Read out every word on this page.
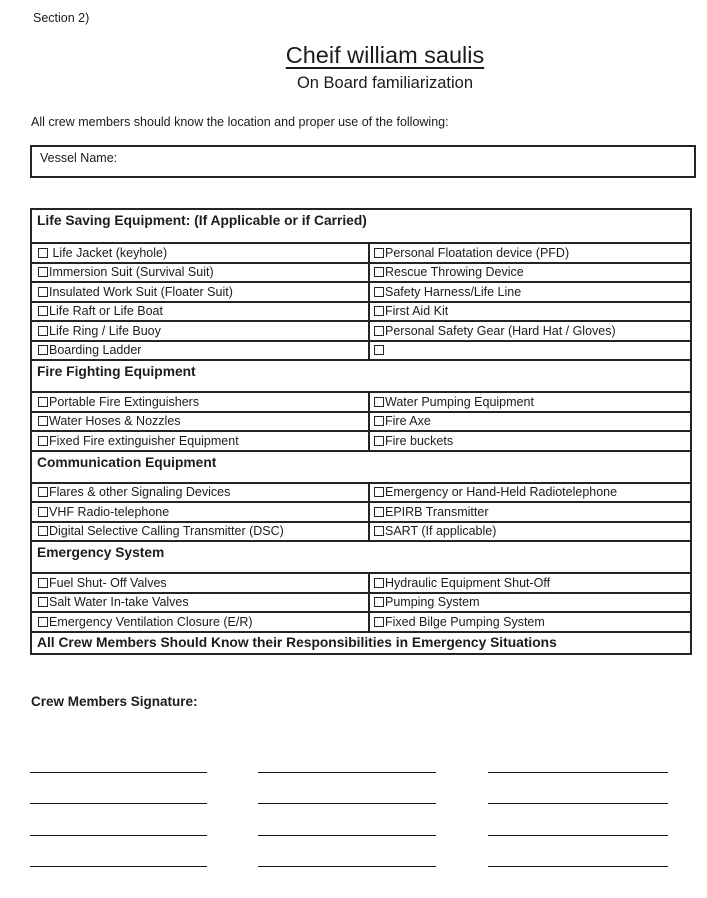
Section 2)
Cheif william saulis
On Board familiarization
All crew members should know the location and proper use of the following:
Vessel Name:
Life Saving Equipment: (If Applicable or if Carried)
Life Jacket (keyhole)	Personal Floatation device (PFD)
Immersion Suit (Survival Suit)	Rescue Throwing Device
Insulated Work Suit (Floater Suit)	Safety Harness/Life Line
Life Raft or Life Boat	First Aid Kit
Life Ring / Life Buoy	Personal Safety Gear (Hard Hat / Gloves)
Boarding Ladder
Fire Fighting Equipment
Portable Fire Extinguishers	Water Pumping Equipment
Water Hoses & Nozzles	Fire Axe
Fixed Fire extinguisher Equipment	Fire buckets
Communication Equipment
Flares & other Signaling Devices	Emergency or Hand-Held Radiotelephone
VHF Radio-telephone	EPIRB Transmitter
Digital Selective Calling Transmitter (DSC)	SART (If applicable)
Emergency System
Fuel Shut- Off Valves	Hydraulic Equipment Shut-Off
Salt Water In-take Valves	Pumping System
Emergency Ventilation Closure (E/R)	Fixed Bilge Pumping System
All Crew Members Should Know their Responsibilities in Emergency Situations
Crew Members Signature:
